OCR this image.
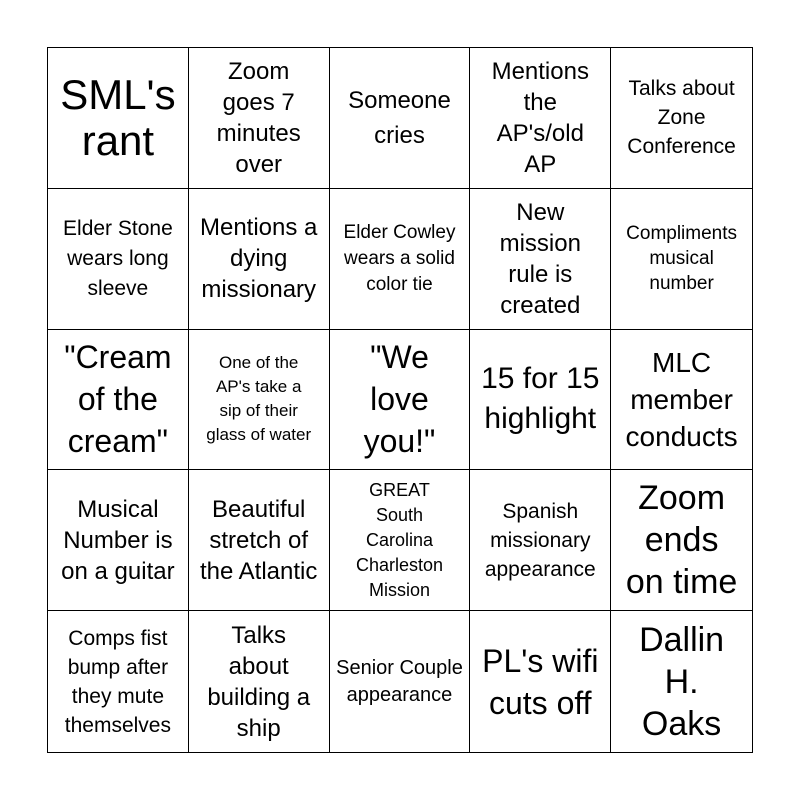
SML's rant
Zoom goes 7 minutes over
Someone cries
Mentions the AP's/old AP
Talks about Zone Conference
Elder Stone wears long sleeve
Mentions a dying missionary
Elder Cowley wears a solid color tie
New mission rule is created
Compliments musical number
"Cream of the cream"
One of the AP's take a sip of their glass of water
"We love you!"
15 for 15 highlight
MLC member conducts
Musical Number is on a guitar
Beautiful stretch of the Atlantic
GREAT South Carolina Charleston Mission
Spanish missionary appearance
Zoom ends on time
Comps fist bump after they mute themselves
Talks about building a ship
Senior Couple appearance
PL's wifi cuts off
Dallin H. Oaks
